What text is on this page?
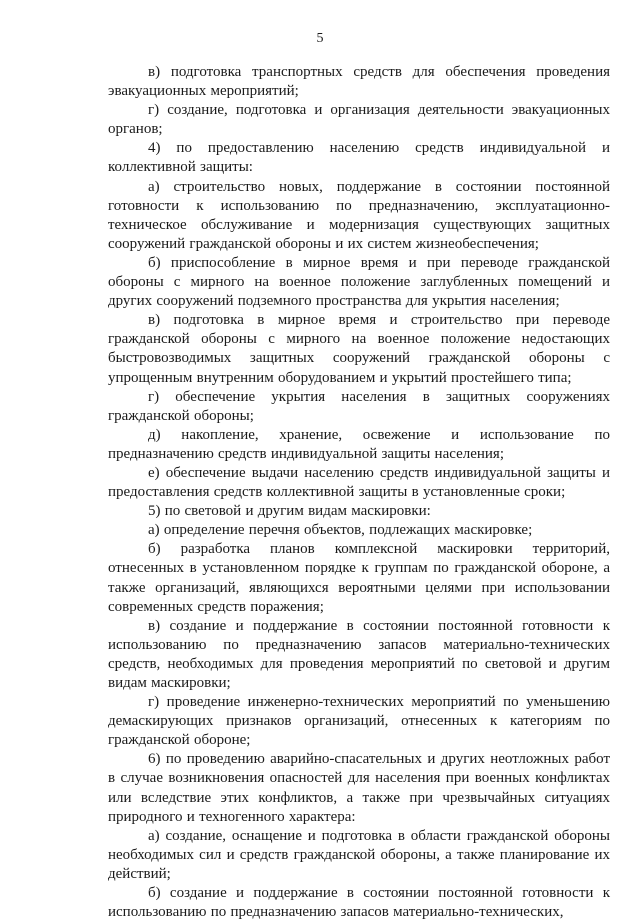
5

в) подготовка транспортных средств для обеспечения проведения эвакуационных мероприятий;

г) создание, подготовка и организация деятельности эвакуационных органов;

4) по предоставлению населению средств индивидуальной и коллективной защиты:

а) строительство новых, поддержание в состоянии постоянной готовности к использованию по предназначению, эксплуатационно-техническое обслуживание и модернизация существующих защитных сооружений гражданской обороны и их систем жизнеобеспечения;

б) приспособление в мирное время и при переводе гражданской обороны с мирного на военное положение заглубленных помещений и других сооружений подземного пространства для укрытия населения;

в) подготовка в мирное время и строительство при переводе гражданской обороны с мирного на военное положение недостающих быстровозводимых защитных сооружений гражданской обороны с упрощенным внутренним оборудованием и укрытий простейшего типа;

г) обеспечение укрытия населения в защитных сооружениях гражданской обороны;

д) накопление, хранение, освежение и использование по предназначению средств индивидуальной защиты населения;

е) обеспечение выдачи населению средств индивидуальной защиты и предоставления средств коллективной защиты в установленные сроки;

5) по световой и другим видам маскировки:

а) определение перечня объектов, подлежащих маскировке;

б) разработка планов комплексной маскировки территорий, отнесенных в установленном порядке к группам по гражданской обороне, а также организаций, являющихся вероятными целями при использовании современных средств поражения;

в) создание и поддержание в состоянии постоянной готовности к использованию по предназначению запасов материально-технических средств, необходимых для проведения мероприятий по световой и другим видам маскировки;

г) проведение инженерно-технических мероприятий по уменьшению демаскирующих признаков организаций, отнесенных к категориям по гражданской обороне;

6) по проведению аварийно-спасательных и других неотложных работ в случае возникновения опасностей для населения при военных конфликтах или вследствие этих конфликтов, а также при чрезвычайных ситуациях природного и техногенного характера:

а) создание, оснащение и подготовка в области гражданской обороны необходимых сил и средств гражданской обороны, а также планирование их действий;

б) создание и поддержание в состоянии постоянной готовности к использованию по предназначению запасов материально-технических,
